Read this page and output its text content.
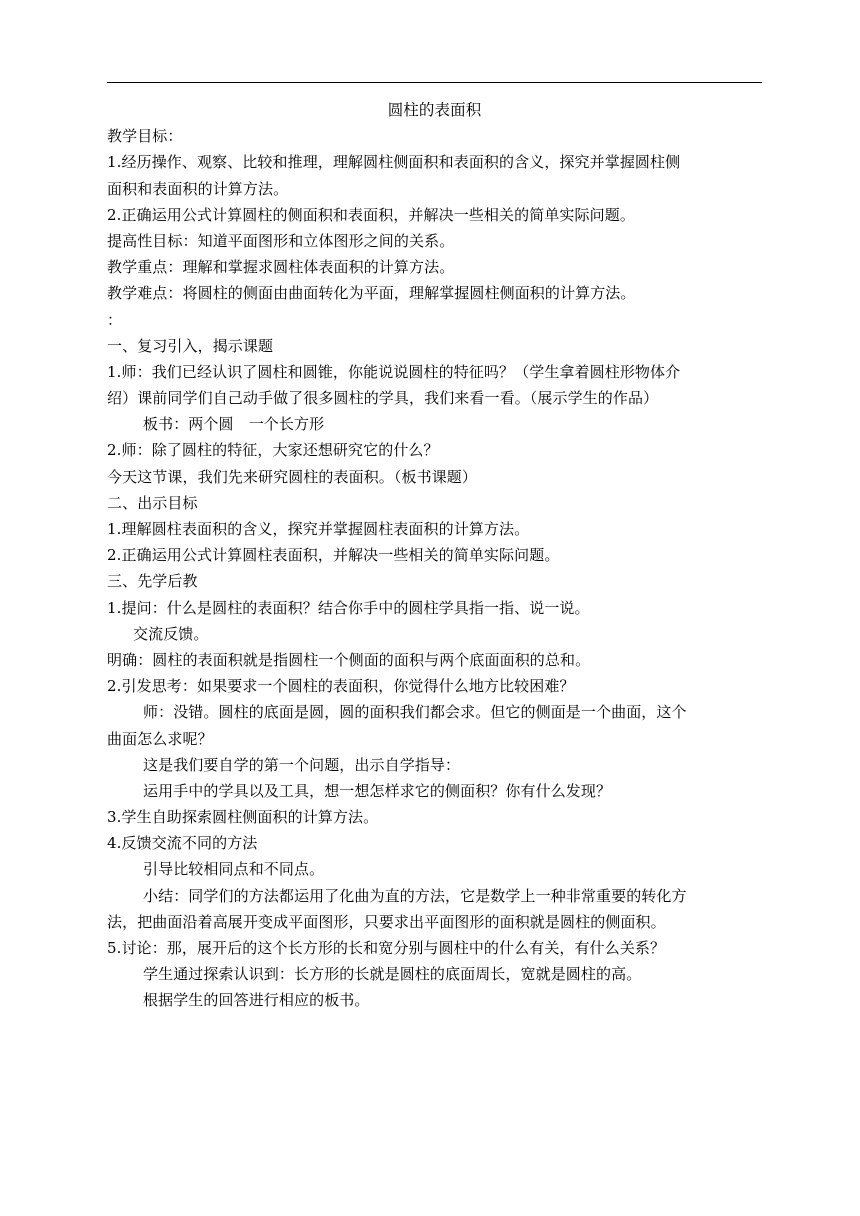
圆柱的表面积
教学目标：
1.经历操作、观察、比较和推理，理解圆柱侧面积和表面积的含义，探究并掌握圆柱侧
面积和表面积的计算方法。
2.正确运用公式计算圆柱的侧面积和表面积，并解决一些相关的简单实际问题。
提高性目标：知道平面图形和立体图形之间的关系。
教学重点：理解和掌握求圆柱体表面积的计算方法。
教学难点：将圆柱的侧面由曲面转化为平面，理解掌握圆柱侧面积的计算方法。
：
一、复习引入，揭示课题
1.师：我们已经认识了圆柱和圆锥，你能说说圆柱的特征吗？（学生拿着圆柱形物体介
绍）课前同学们自己动手做了很多圆柱的学具，我们来看一看。（展示学生的作品）
板书：两个圆　一个长方形
2.师：除了圆柱的特征，大家还想研究它的什么？
今天这节课，我们先来研究圆柱的表面积。（板书课题）
二、出示目标
1.理解圆柱表面积的含义，探究并掌握圆柱表面积的计算方法。
2.正确运用公式计算圆柱表面积，并解决一些相关的简单实际问题。
三、先学后教
1.提问：什么是圆柱的表面积？结合你手中的圆柱学具指一指、说一说。
交流反馈。
明确：圆柱的表面积就是指圆柱一个侧面的面积与两个底面面积的总和。
2.引发思考：如果要求一个圆柱的表面积，你觉得什么地方比较困难？
师：没错。圆柱的底面是圆，圆的面积我们都会求。但它的侧面是一个曲面，这个
曲面怎么求呢？
这是我们要自学的第一个问题，出示自学指导：
运用手中的学具以及工具，想一想怎样求它的侧面积？你有什么发现？
3.学生自助探索圆柱侧面积的计算方法。
4.反馈交流不同的方法
引导比较相同点和不同点。
小结：同学们的方法都运用了化曲为直的方法，它是数学上一种非常重要的转化方
法，把曲面沿着高展开变成平面图形，只要求出平面图形的面积就是圆柱的侧面积。
5.讨论：那，展开后的这个长方形的长和宽分别与圆柱中的什么有关，有什么关系？
学生通过探索认识到：长方形的长就是圆柱的底面周长，宽就是圆柱的高。
根据学生的回答进行相应的板书。
